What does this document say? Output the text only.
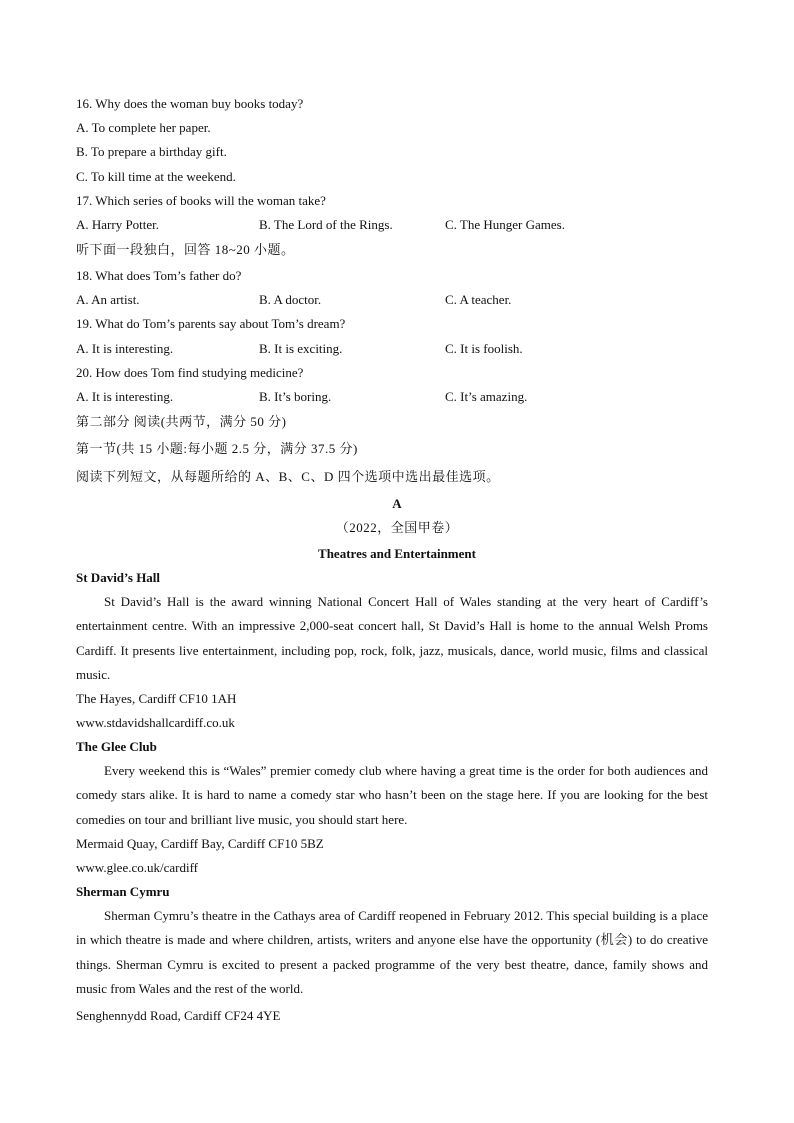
16. Why does the woman buy books today?
A. To complete her paper.
B. To prepare a birthday gift.
C. To kill time at the weekend.
17. Which series of books will the woman take?
A. Harry Potter.	B. The Lord of the Rings.	C. The Hunger Games.
听下面一段独白，回答 18~20 小题。
18. What does Tom’s father do?
A. An artist.	B. A doctor.	C. A teacher.
19. What do Tom’s parents say about Tom’s dream?
A. It is interesting.	B. It is exciting.	C. It is foolish.
20. How does Tom find studying medicine?
A. It is interesting.	B. It’s boring.	C. It’s amazing.
第二部分 阅读(共两节，满分 50 分)
第一节(共 15 小题:每小题 2.5 分，满分 37.5 分)
阅读下列短文，从每题所给的 A、B、C、D 四个选项中选出最佳选项。
A
（2022，全国甲卷）
Theatres and Entertainment
St David’s Hall
St David’s Hall is the award winning National Concert Hall of Wales standing at the very heart of Cardiff’s entertainment centre. With an impressive 2,000-seat concert hall, St David’s Hall is home to the annual Welsh Proms Cardiff. It presents live entertainment, including pop, rock, folk, jazz, musicals, dance, world music, films and classical music.
The Hayes, Cardiff CF10 1AH
www.stdavidshallcardiff.co.uk
The Glee Club
Every weekend this is “Wales” premier comedy club where having a great time is the order for both audiences and comedy stars alike. It is hard to name a comedy star who hasn’t been on the stage here. If you are looking for the best comedies on tour and brilliant live music, you should start here.
Mermaid Quay, Cardiff Bay, Cardiff CF10 5BZ
www.glee.co.uk/cardiff
Sherman Cymru
Sherman Cymru’s theatre in the Cathays area of Cardiff reopened in February 2012. This special building is a place in which theatre is made and where children, artists, writers and anyone else have the opportunity (机会) to do creative things. Sherman Cymru is excited to present a packed programme of the very best theatre, dance, family shows and music from Wales and the rest of the world.
Senghennydd Road, Cardiff CF24 4YE
